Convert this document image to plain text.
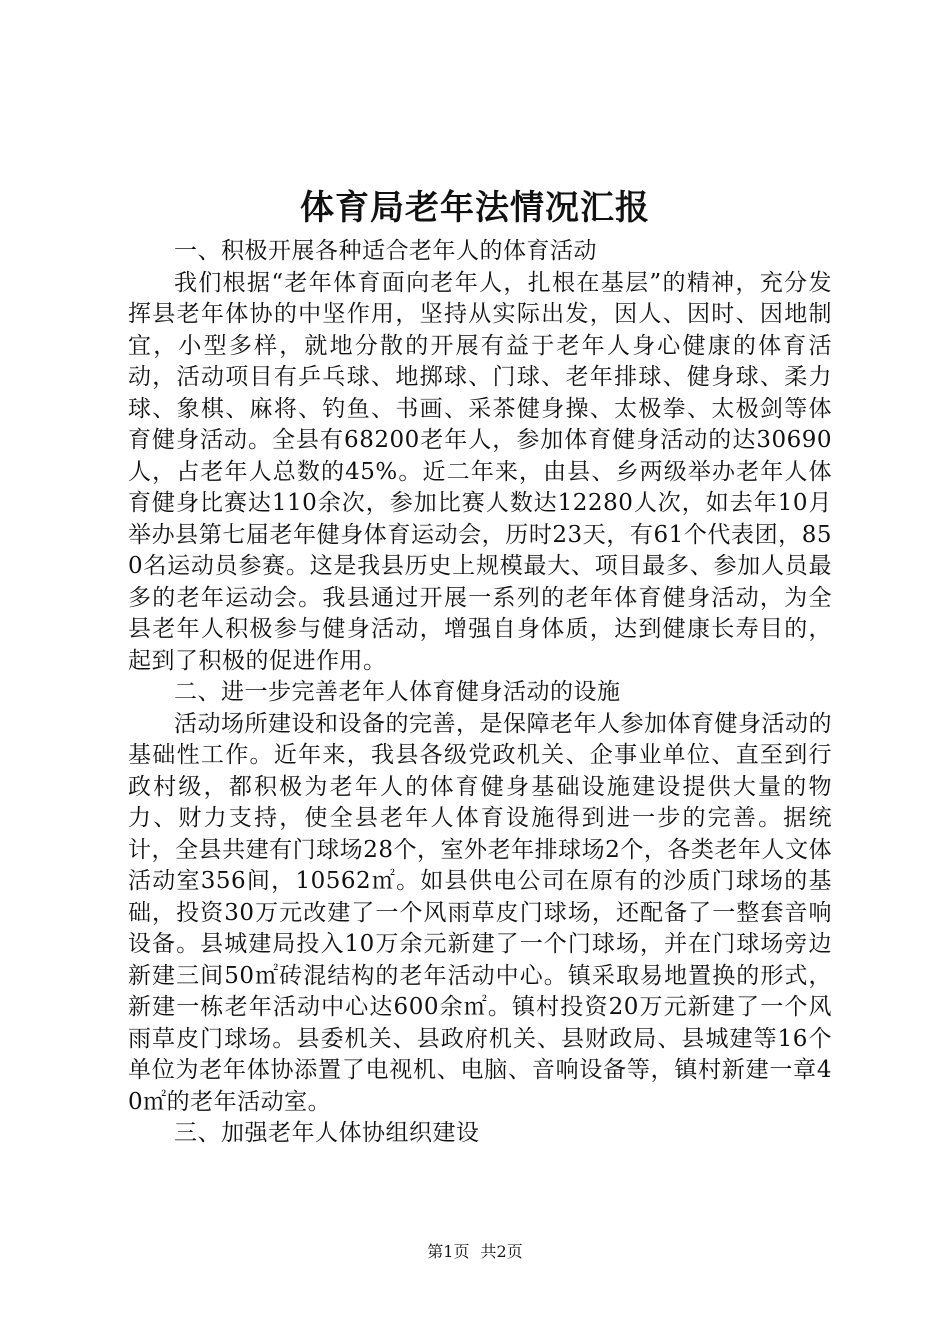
体育局老年法情况汇报

一、积极开展各种适合老年人的体育活动

我们根据“老年体育面向老年人，扎根在基层”的精神，充分发挥县老年体协的中坚作用，坚持从实际出发，因人、因时、因地制宜，小型多样，就地分散的开展有益于老年人身心健康的体育活动，活动项目有乒乓球、地掷球、门球、老年排球、健身球、柔力球、象棋、麻将、钓鱼、书画、采茶健身操、太极拳、太极剑等体育健身活动。全县有68200老年人，参加体育健身活动的达30690人，占老年人总数的45%。近二年来，由县、乡两级举办老年人体育健身比赛达110余次，参加比赛人数达12280人次，如去年10月举办县第七届老年健身体育运动会，历时23天，有61个代表团，850名运动员参赛。这是我县历史上规模最大、项目最多、参加人员最多的老年运动会。我县通过开展一系列的老年体育健身活动，为全县老年人积极参与健身活动，增强自身体质，达到健康长寿目的，起到了积极的促进作用。

二、进一步完善老年人体育健身活动的设施

活动场所建设和设备的完善，是保障老年人参加体育健身活动的基础性工作。近年来，我县各级党政机关、企事业单位、直至到行政村级，都积极为老年人的体育健身基础设施建设提供大量的物力、财力支持，使全县老年人体育设施得到进一步的完善。据统计，全县共建有门球场28个，室外老年排球场2个，各类老年人文体活动室356间，10562㎡。如县供电公司在原有的沙质门球场的基础，投资30万元改建了一个风雨草皮门球场，还配备了一整套音响设备。县城建局投入10万余元新建了一个门球场，并在门球场旁边新建三间50㎡砖混结构的老年活动中心。镇采取易地置换的形式，新建一栋老年活动中心达600余㎡。镇村投资20万元新建了一个风雨草皮门球场。县委机关、县政府机关、县财政局、县城建等16个单位为老年体协添置了电视机、电脑、音响设备等，镇村新建一章40㎡的老年活动室。

三、加强老年人体协组织建设

第1页 共2页
